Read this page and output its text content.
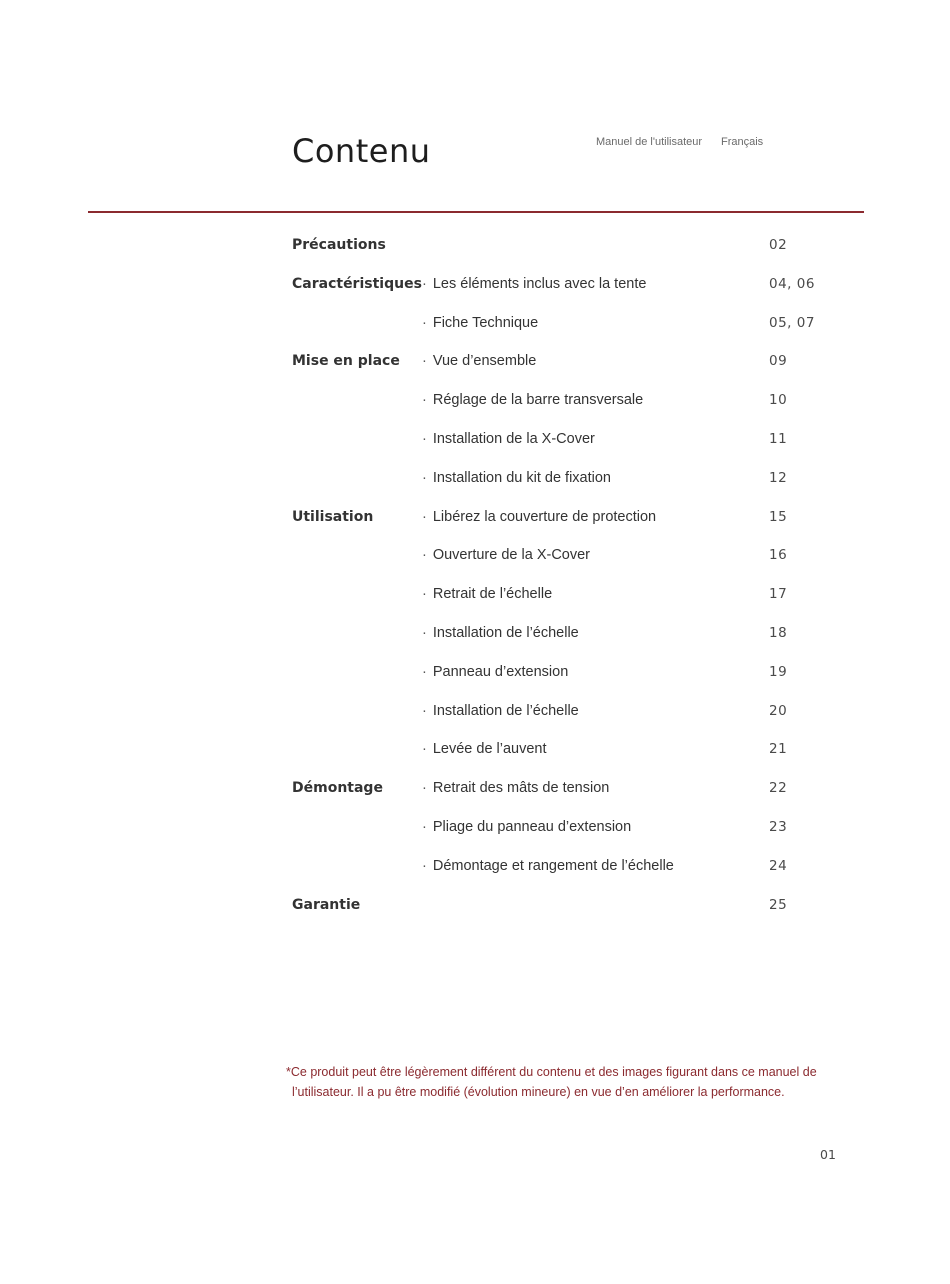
Contenu	Manuel de l'utilisateur Français
Précautions	02
Caractéristiques · Les éléments inclus avec la tente	04, 06
· Fiche Technique	05, 07
Mise en place · Vue d’ensemble	09
· Réglage de la barre transversale	10
· Installation de la X-Cover	11
· Installation du kit de fixation	12
Utilisation	· Libérez la couverture de protection	15
· Ouverture de la X-Cover	16
· Retrait de l’échelle	17
· Installation de l’échelle	18
· Panneau d’extension	19
· Installation de l’échelle	20
· Levée de l’auvent	21
Démontage	· Retrait des mâts de tension	22
· Pliage du panneau d’extension	23
· Démontage et rangement de l’échelle	24
Garantie	25
*Ce produit peut être légèrement différent du contenu et des images figurant dans ce manuel de
l’utilisateur. Il a pu être modifié (évolution mineure) en vue d’en améliorer la performance.
01
